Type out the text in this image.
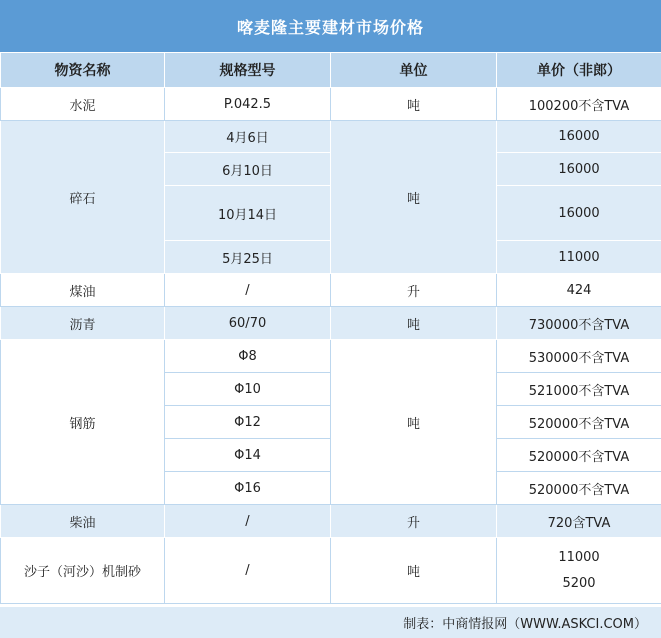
喀麦隆主要建材市场价格
物资名称	规格型号	单位	单价（非郎）
水泥	P.042.5	吨	100200不含TVA
碎石	4月6日	吨	16000
	6月10日		16000
	10月14日		16000
	5月25日		11000
煤油	/	升	424
沥青	60/70	吨	730000不含TVA
钢筋	Φ8	吨	530000不含TVA
	Φ10		521000不含TVA
	Φ12		520000不含TVA
	Φ14		520000不含TVA
	Φ16		520000不含TVA
柴油	/	升	720含TVA
沙子（河沙）机制砂	/	吨	11000
5200
制表：中商情报网（WWW.ASKCI.COM）
